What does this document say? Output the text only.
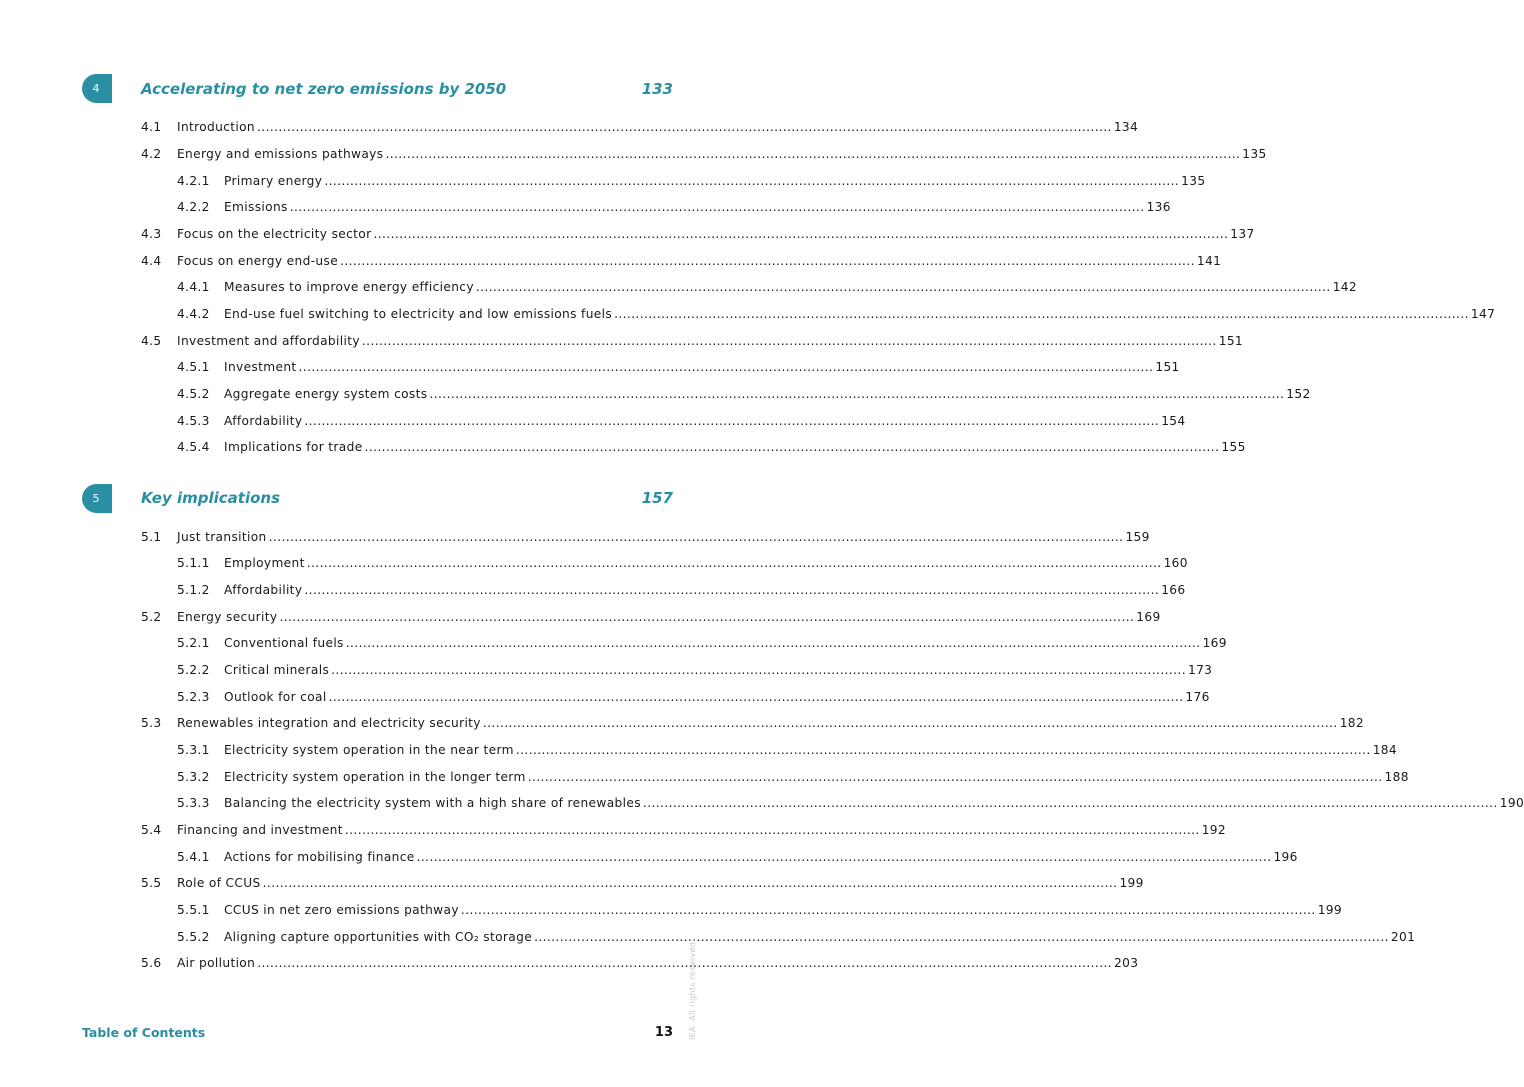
4	Accelerating to net zero emissions by 2050	133
4.1	Introduction ........................................................................................................................................................................................................ 134
4.2	Energy and emissions pathways ........................................................................................................................................................................................................ 135
4.2.1	Primary energy ........................................................................................................................................................................................................ 135
4.2.2	Emissions ........................................................................................................................................................................................................ 136
4.3	Focus on the electricity sector ........................................................................................................................................................................................................ 137
4.4	Focus on energy end-use ........................................................................................................................................................................................................ 141
4.4.1	Measures to improve energy efficiency ........................................................................................................................................................................................................ 142
4.4.2	End-use fuel switching to electricity and low emissions fuels ........................................................................................................................................................................................................ 147
4.5	Investment and affordability ........................................................................................................................................................................................................ 151
4.5.1	Investment ........................................................................................................................................................................................................ 151
4.5.2	Aggregate energy system costs ........................................................................................................................................................................................................ 152
4.5.3	Affordability ........................................................................................................................................................................................................ 154
4.5.4	Implications for trade ........................................................................................................................................................................................................ 155
5	Key implications	157
5.1	Just transition ........................................................................................................................................................................................................ 159
5.1.1	Employment ........................................................................................................................................................................................................ 160
5.1.2	Affordability ........................................................................................................................................................................................................ 166
5.2	Energy security ........................................................................................................................................................................................................ 169
5.2.1	Conventional fuels ........................................................................................................................................................................................................ 169
5.2.2	Critical minerals ........................................................................................................................................................................................................ 173
5.2.3	Outlook for coal ........................................................................................................................................................................................................ 176
5.3	Renewables integration and electricity security ........................................................................................................................................................................................................ 182
5.3.1	Electricity system operation in the near term ........................................................................................................................................................................................................ 184
5.3.2	Electricity system operation in the longer term ........................................................................................................................................................................................................ 188
5.3.3	Balancing the electricity system with a high share of renewables ........................................................................................................................................................................................................ 190
5.4	Financing and investment ........................................................................................................................................................................................................ 192
5.4.1	Actions for mobilising finance ........................................................................................................................................................................................................ 196
5.5	Role of CCUS ........................................................................................................................................................................................................ 199
5.5.1	CCUS in net zero emissions pathway ........................................................................................................................................................................................................ 199
5.5.2	Aligning capture opportunities with CO₂ storage ........................................................................................................................................................................................................ 201
5.6	Air pollution ........................................................................................................................................................................................................ 203
Table of Contents	13 IEA. All rights reserved.
